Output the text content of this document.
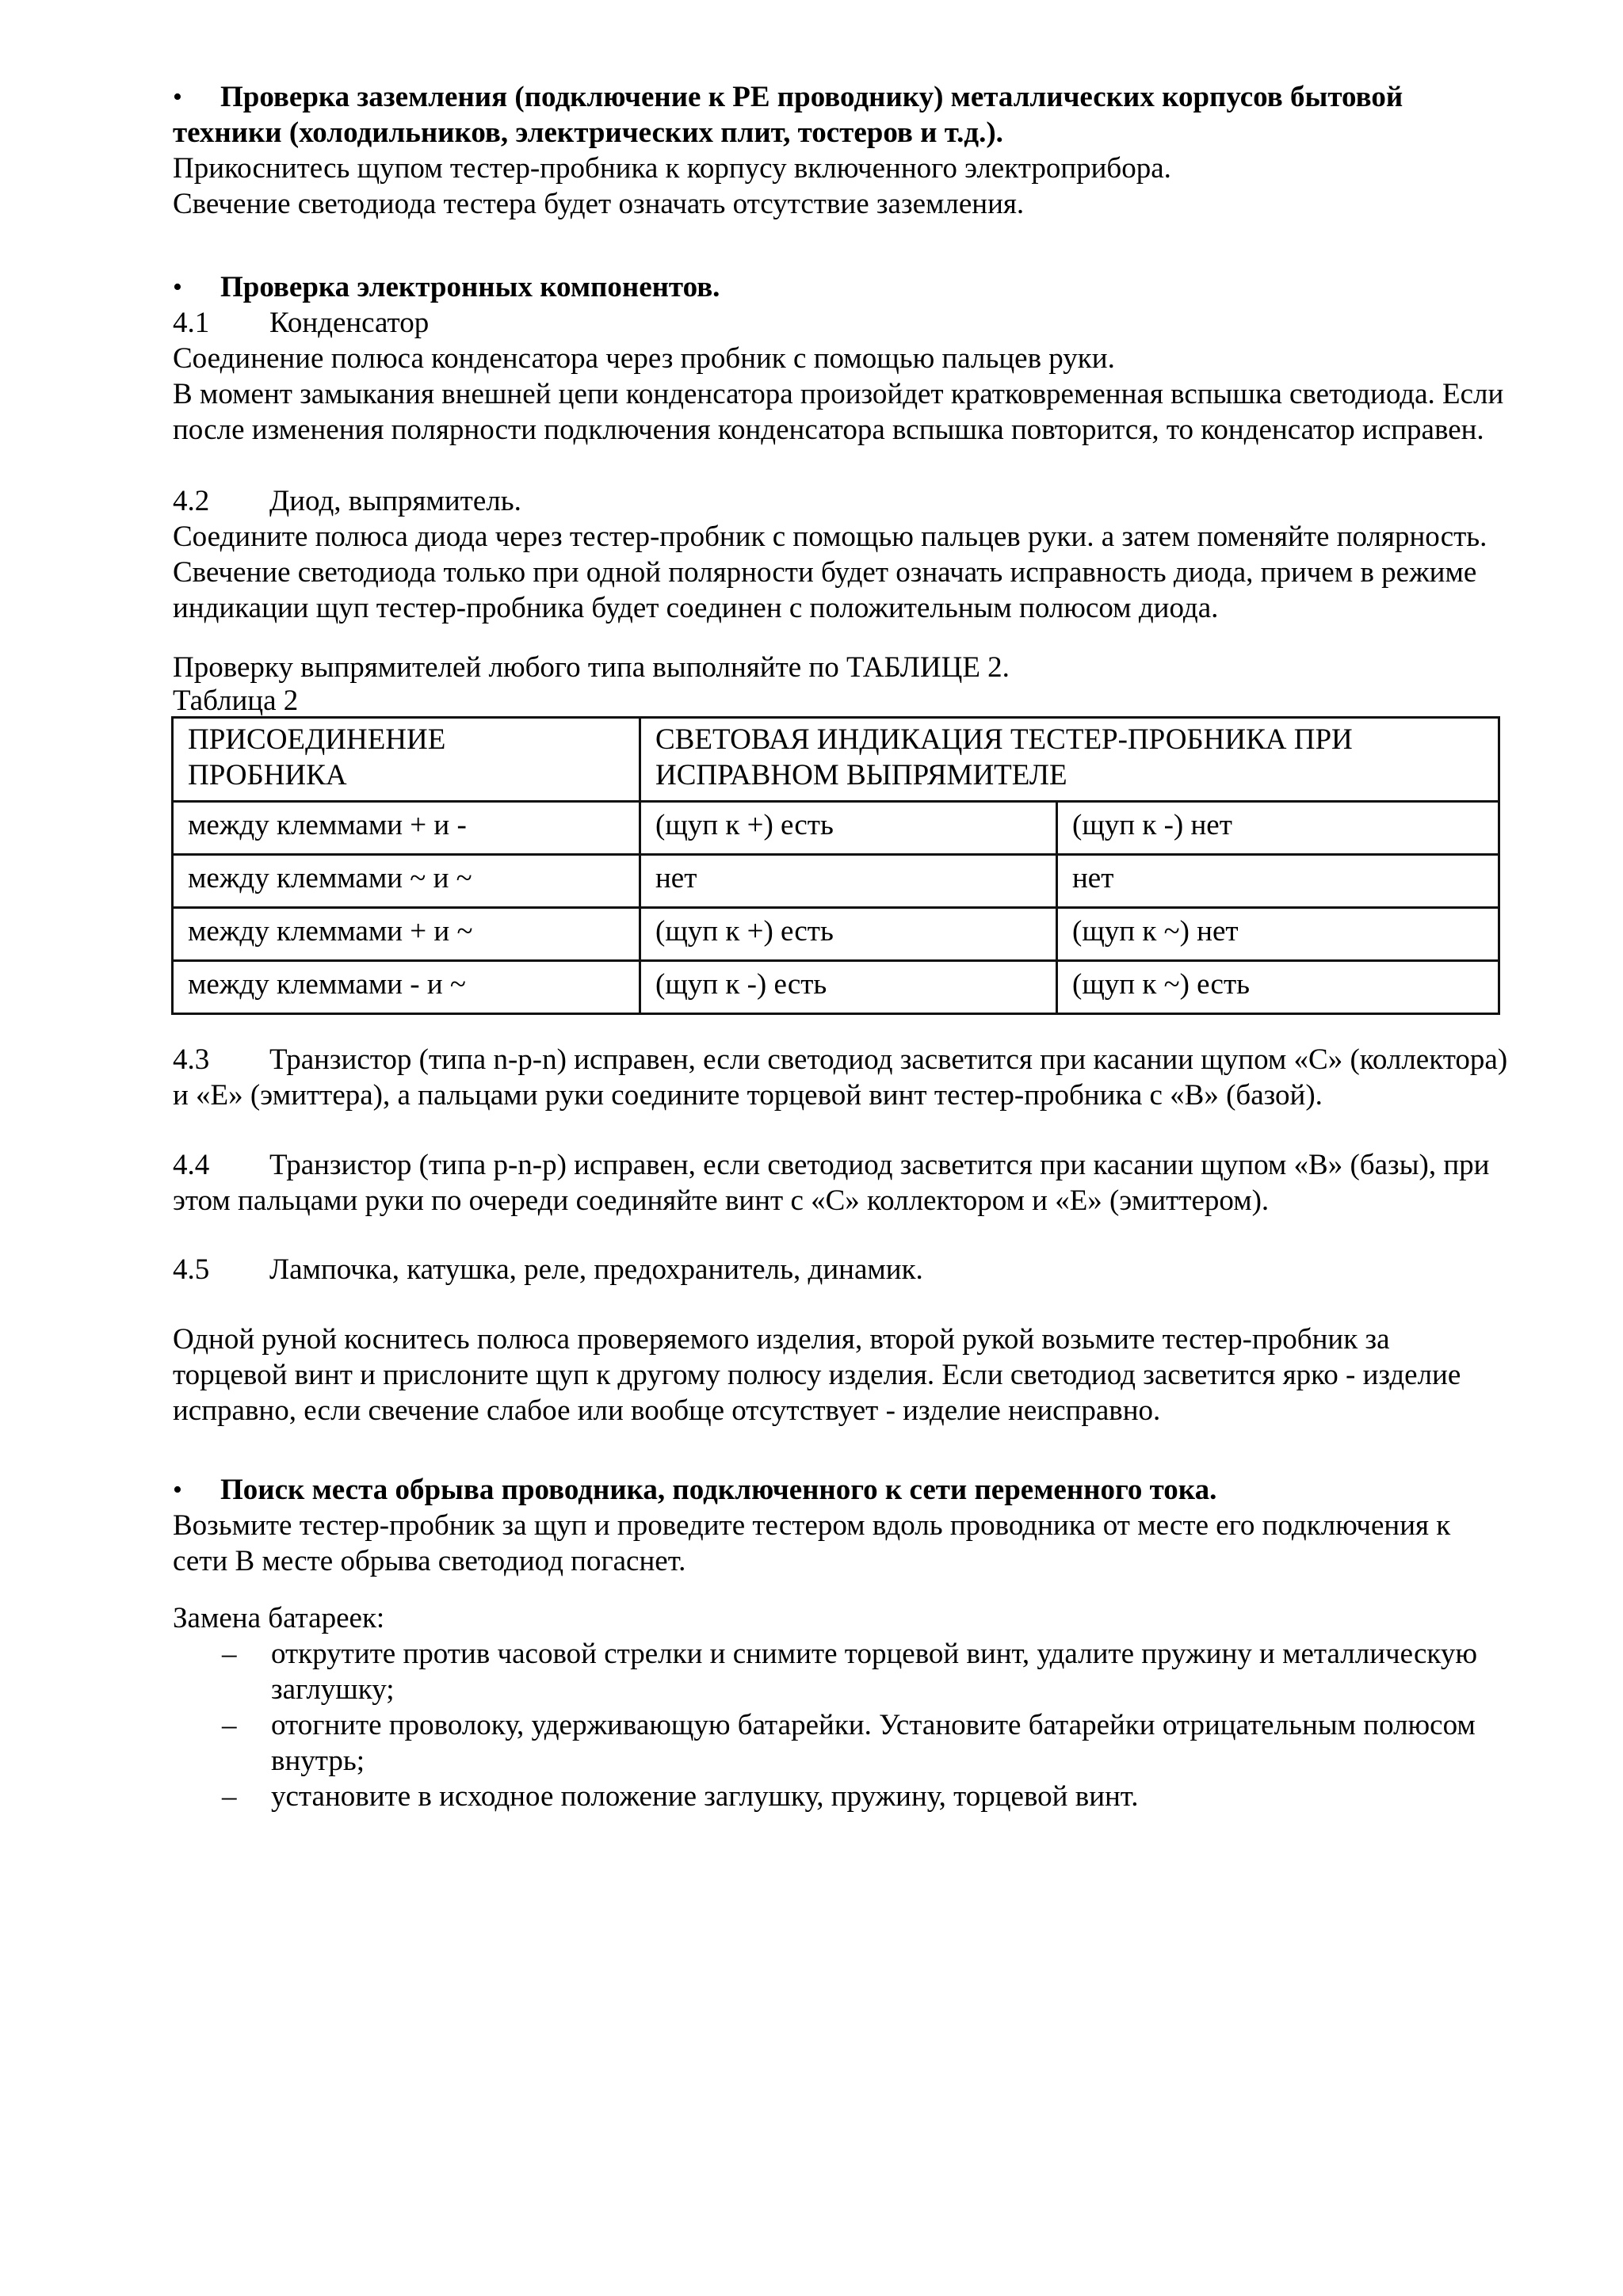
• Проверка заземления (подключение к РЕ проводнику) металлических корпусов бытовой
техники (холодильников, электрических плит, тостеров и т.д.).
Прикоснитесь щупом тестер-пробника к корпусу включенного электроприбора.
Свечение светодиода тестера будет означать отсутствие заземления.
• Проверка электронных компонентов.
4.1 Конденсатор
Соединение полюса конденсатора через пробник с помощью пальцев руки.
В момент замыкания внешней цепи конденсатора произойдет кратковременная вспышка светодиода. Если
после изменения полярности подключения конденсатора вспышка повторится, то конденсатор исправен.
4.2 Диод, выпрямитель.
Соедините полюса диода через тестер-пробник с помощью пальцев руки. а затем поменяйте полярность.
Свечение светодиода только при одной полярности будет означать исправность диода, причем в режиме
индикации щуп тестер-пробника будет соединен с положительным полюсом диода.
Проверку выпрямителей любого типа выполняйте по ТАБЛИЦЕ 2.
Таблица 2
ПРИСОЕДИНЕНИЕ
ПРОБНИКА

СВЕТОВАЯ ИНДИКАЦИЯ ТЕСТЕР-ПРОБНИКА ПРИ
ИСПРАВНОМ ВЫПРЯМИТЕЛЕ

между клеммами + и -	(щуп к +) есть	(щуп к -) нет
между клеммами ~ и ~	нет	нет
между клеммами + и ~	(щуп к +) есть	(щуп к ~) нет
между клеммами - и ~	(щуп к -) есть	(щуп к ~) есть
4.3 Транзистор (типа n-p-n) исправен, если светодиод засветится при касании щупом «С» (коллектора)
и «Е» (эмиттера), а пальцами руки соедините торцевой винт тестер-пробника с «В» (базой).
4.4 Транзистор (типа p-n-p) исправен, если светодиод засветится при касании щупом «В» (базы), при
этом пальцами руки по очереди соединяйте винт с «С» коллектором и «Е» (эмиттером).
4.5 Лампочка, катушка, реле, предохранитель, динамик.
Одной руной коснитесь полюса проверяемого изделия, второй рукой возьмите тестер-пробник за
торцевой винт и прислоните щуп к другому полюсу изделия. Если светодиод засветится ярко - изделие
исправно, если свечение слабое или вообще отсутствует - изделие неисправно.
• Поиск места обрыва проводника, подключенного к сети переменного тока.
Возьмите тестер-пробник за щуп и проведите тестером вдоль проводника от месте его подключения к
сети В месте обрыва светодиод погаснет.
Замена батареек:
– открутите против часовой стрелки и снимите торцевой винт, удалите пружину и металлическую
заглушку;
– отогните проволоку, удерживающую батарейки. Установите батарейки отрицательным полюсом
внутрь;
– установите в исходное положение заглушку, пружину, торцевой винт.
